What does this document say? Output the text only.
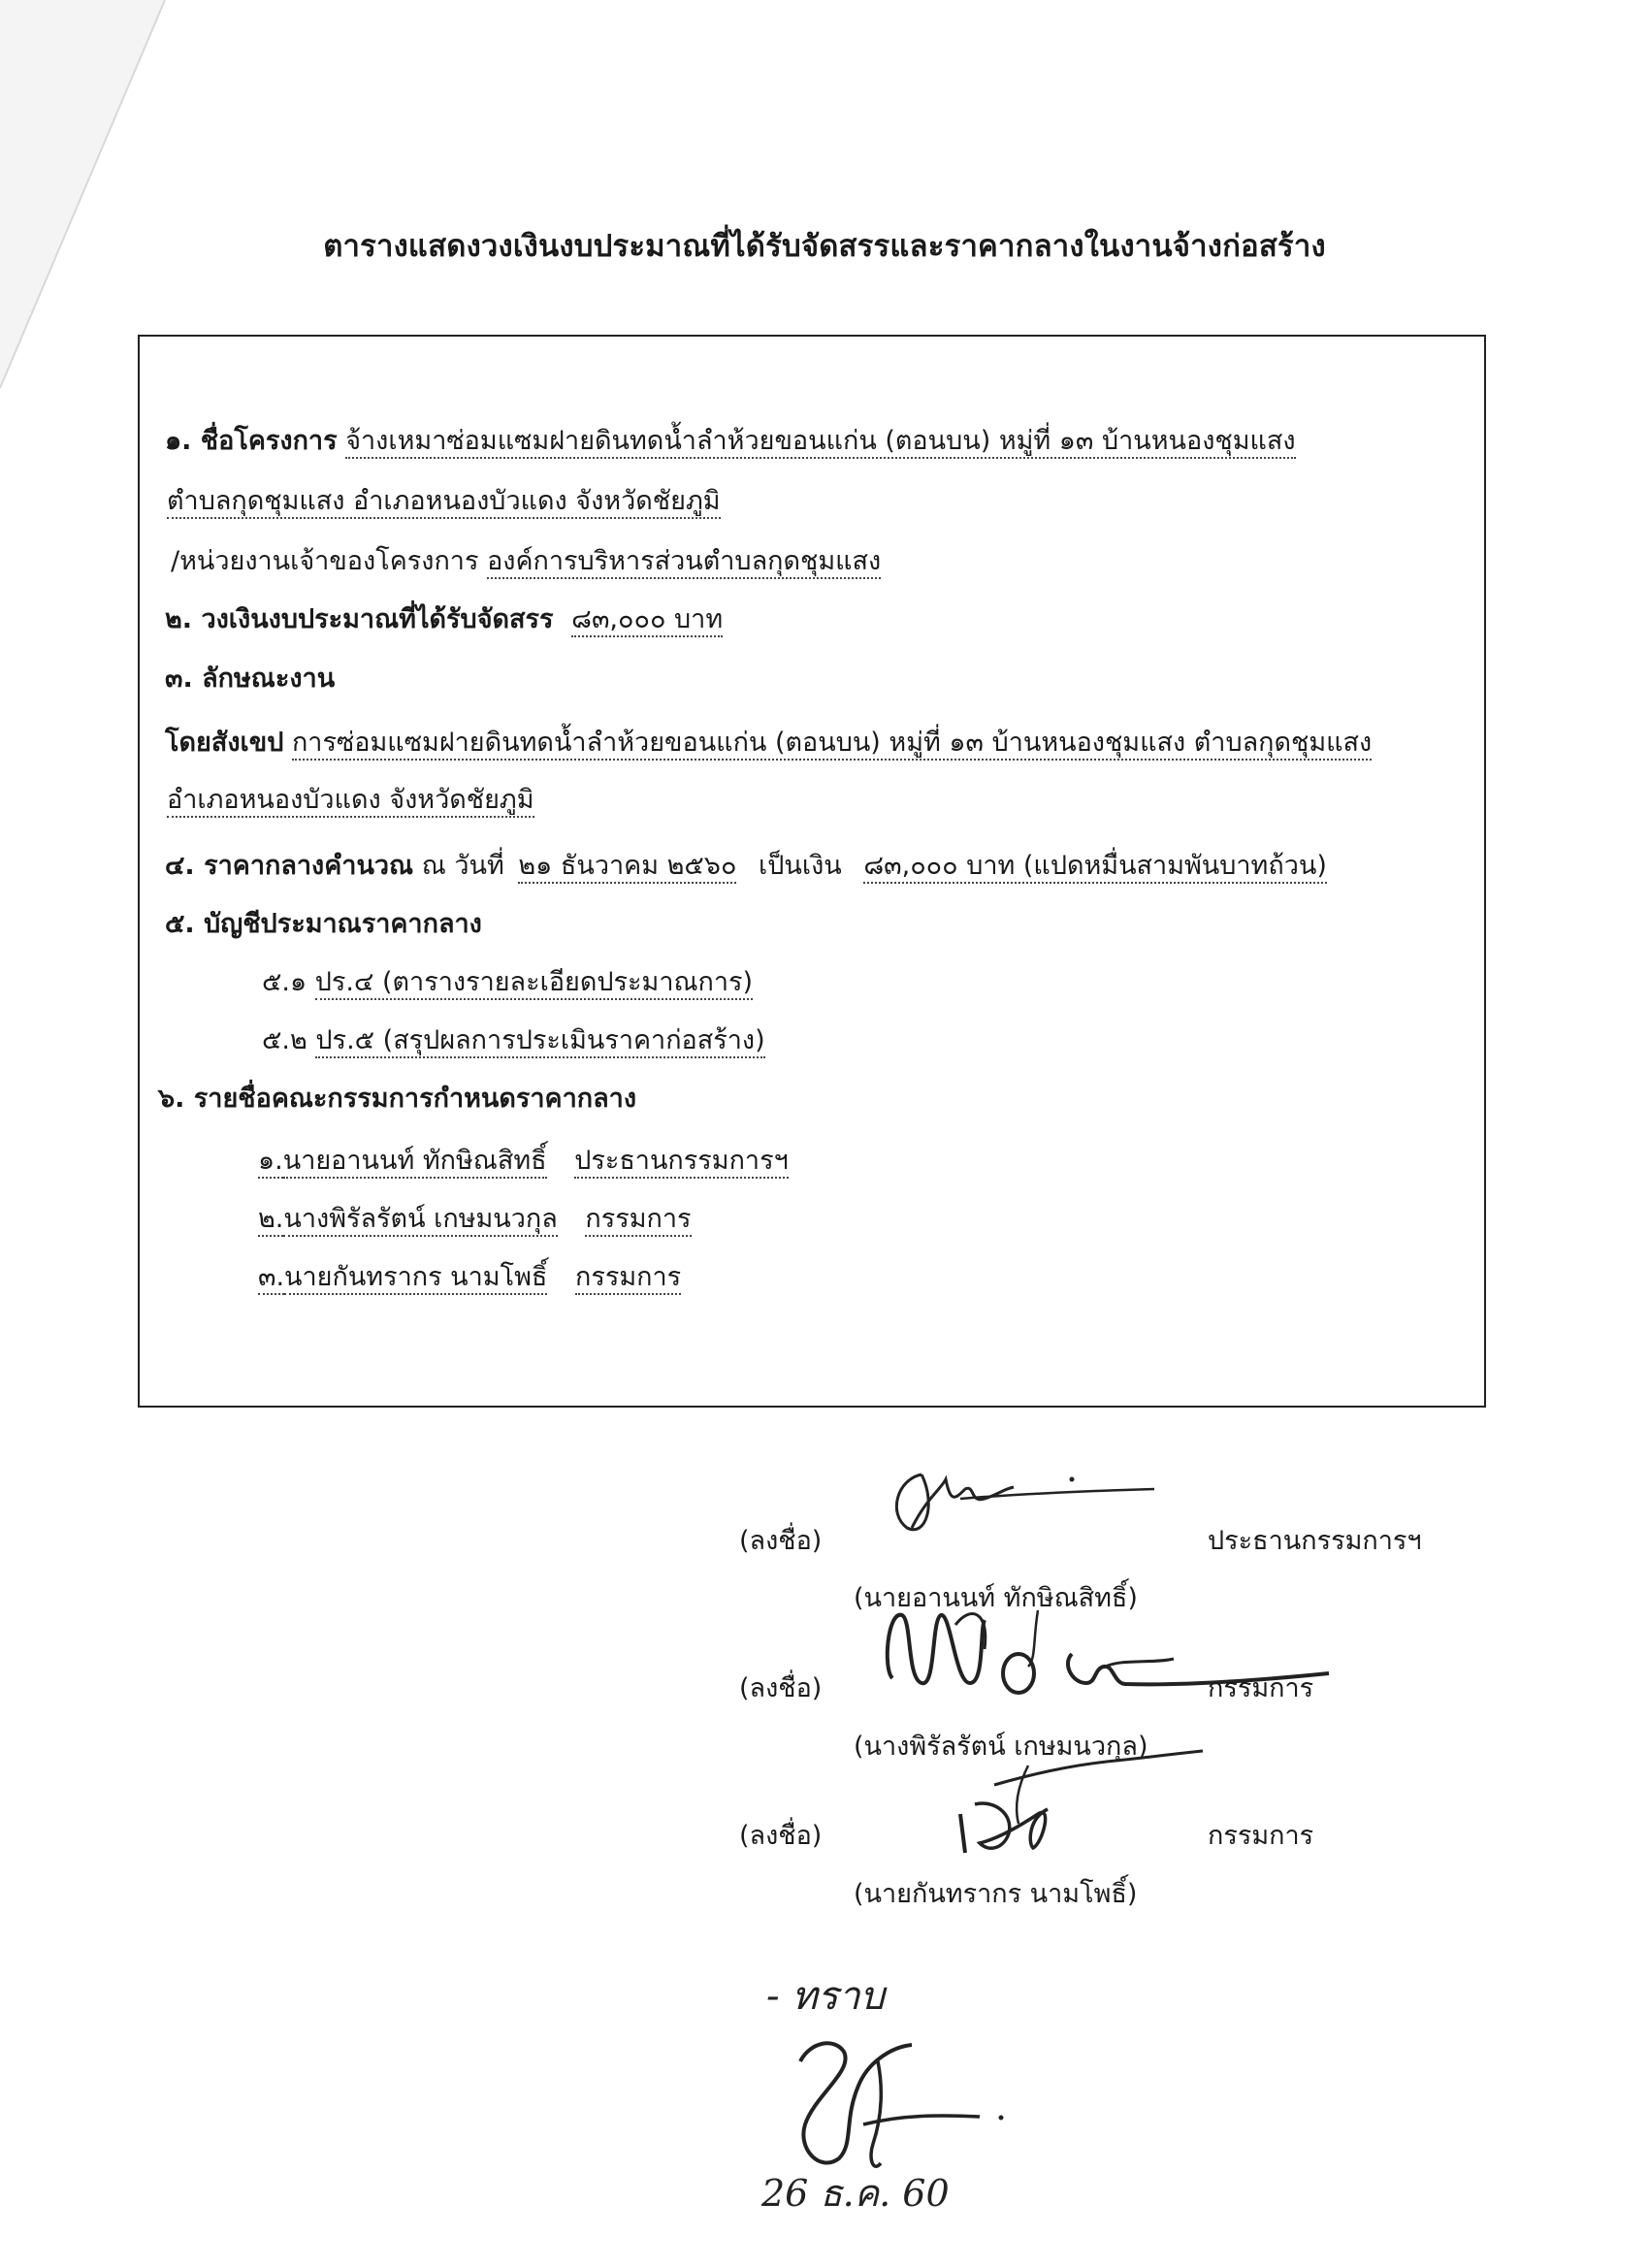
ตารางแสดงวงเงินงบประมาณที่ได้รับจัดสรรและราคากลางในงานจ้างก่อสร้าง
๑. ชื่อโครงการ จ้างเหมาซ่อมแซมฝายดินทดน้ำลำห้วยขอนแก่น (ตอนบน) หมู่ที่ ๑๓ บ้านหนองชุมแสง
ตำบลกุดชุมแสง อำเภอหนองบัวแดง จังหวัดชัยภูมิ
/หน่วยงานเจ้าของโครงการ องค์การบริหารส่วนตำบลกุดชุมแสง
๒. วงเงินงบประมาณที่ได้รับจัดสรร ๘๓,๐๐๐ บาท
๓. ลักษณะงาน
โดยสังเขป การซ่อมแซมฝายดินทดน้ำลำห้วยขอนแก่น (ตอนบน) หมู่ที่ ๑๓ บ้านหนองชุมแสง ตำบลกุดชุมแสง
อำเภอหนองบัวแดง จังหวัดชัยภูมิ
๔. ราคากลางคำนวณ ณ วันที่ ๒๑ ธันวาคม ๒๕๖๐ เป็นเงิน ๘๓,๐๐๐ บาท (แปดหมื่นสามพันบาทถ้วน)
๕. บัญชีประมาณราคากลาง
๕.๑ ปร.๔ (ตารางรายละเอียดประมาณการ)
๕.๒ ปร.๕ (สรุปผลการประเมินราคาก่อสร้าง)
๖. รายชื่อคณะกรรมการกำหนดราคากลาง
๑.นายอานนท์ ทักษิณสิทธิ์ ประธานกรรมการฯ
๒.นางพิรัลรัตน์ เกษมนวกุล กรรมการ
๓.นายกันทรากร นามโพธิ์ กรรมการ
(ลงชื่อ)	ประธานกรรมการฯ
(นายอานนท์ ทักษิณสิทธิ์)
(ลงชื่อ)	กรรมการ
(นางพิรัลรัตน์ เกษมนวกุล)
(ลงชื่อ)	กรรมการ
(นายกันทรากร นามโพธิ์)
- ทราบ
26 ธ.ค. 60
